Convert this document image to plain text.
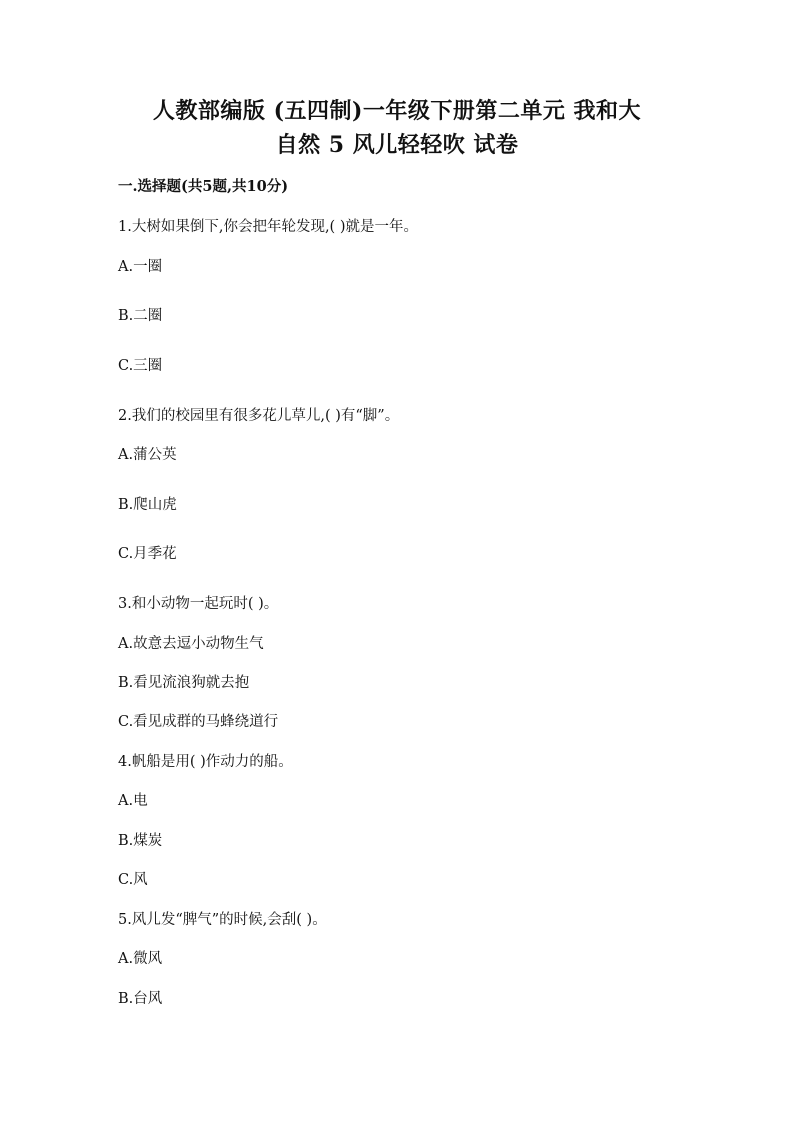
人教部编版 (五四制)一年级下册第二单元 我和大
自然 5 风儿轻轻吹 试卷
一.选择题(共5题,共10分)
1.大树如果倒下,你会把年轮发现,( )就是一年。
A.一圈
B.二圈
C.三圈
2.我们的校园里有很多花儿草儿,( )有“脚”。
A.蒲公英
B.爬山虎
C.月季花
3.和小动物一起玩时( )。
A.故意去逗小动物生气
B.看见流浪狗就去抱
C.看见成群的马蜂绕道行
4.帆船是用( )作动力的船。
A.电
B.煤炭
C.风
5.风儿发“脾气”的时候,会刮( )。
A.微风
B.台风
